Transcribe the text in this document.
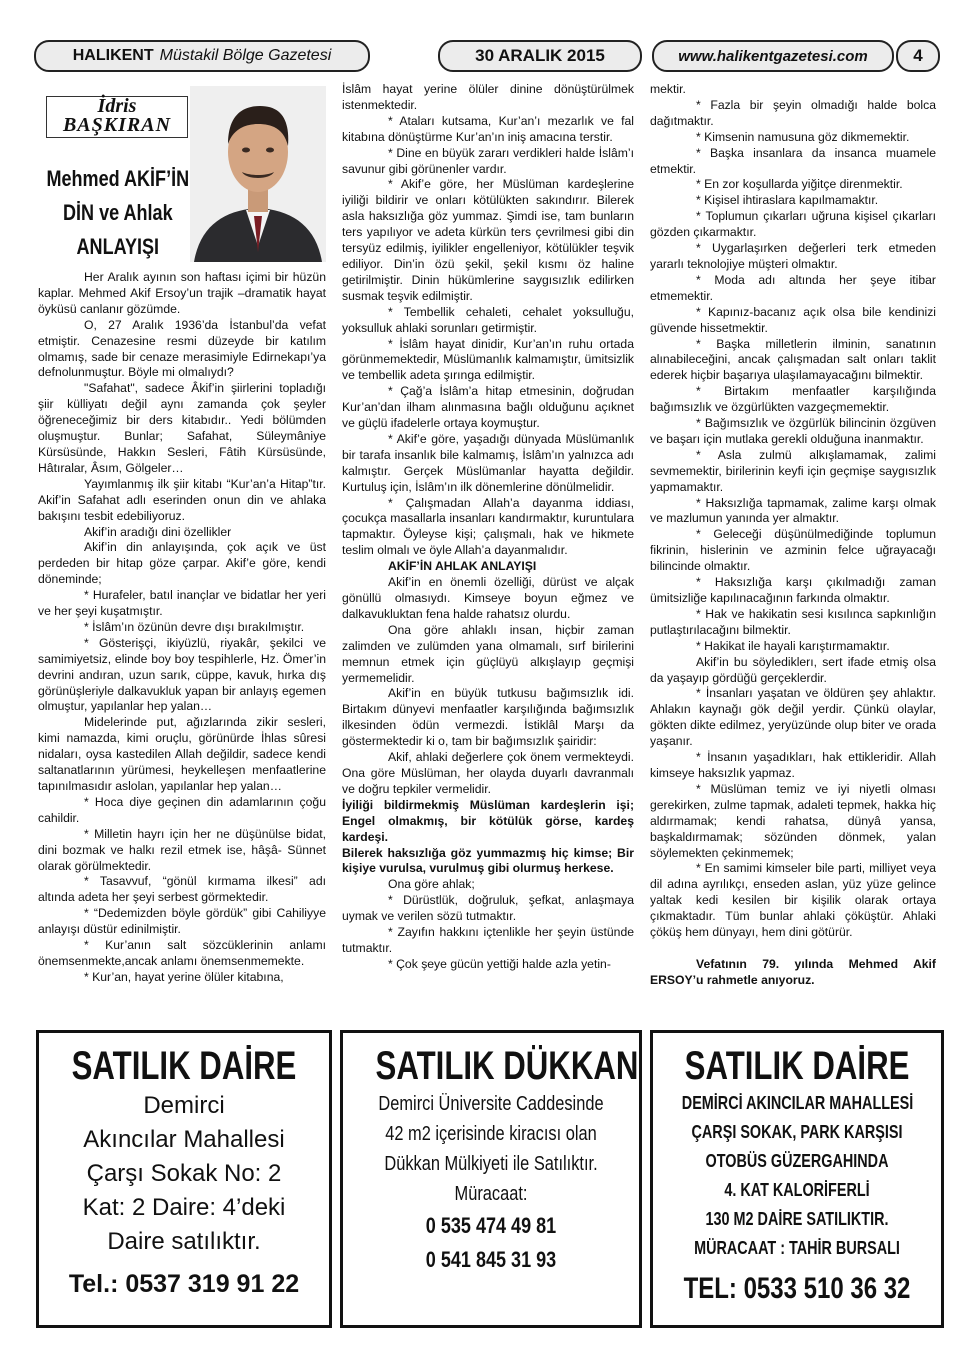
HALIKENT Müstakil Bölge Gazetesi	30 ARALIK 2015	www.halikentgazetesi.com	4
İdris
BAŞKIRAN
Mehmed AKİF’İN
DİN ve Ahlak
ANLAYIŞI

Her Aralık ayının son haftası içimi bir hüzün kaplar. Mehmed Akif Ersoy’un trajik –dramatik hayat öyküsü canlanır gözümde.

O, 27 Aralık 1936’da İstanbul’da vefat etmiştir. Cenazesine resmi düzeyde bir katılım olmamış, sade bir cenaze merasimiyle Edirnekapı’ya defnolunmuştur. Böyle mi olmalıydı?

"Safahat", sadece Âkif’in şiirlerini topladığı şiir külliyatı değil aynı zamanda çok şeyler öğreneceğimiz bir ders kitabıdır.. Yedi bölümden oluşmuştur. Bunlar; Safahat, Süleymâniye Kürsüsünde, Hakkın Sesleri, Fâtih Kürsüsünde, Hâtıralar, Âsım, Gölgeler…

Yayımlanmış ilk şiir kitabı “Kur’an’a Hitap”tır. Akif’in Safahat adlı eserinden onun din ve ahlaka bakışını tesbit edebiliyoruz.

Akif’in aradığı dini özellikler

Akif’in din anlayışında, çok açık ve üst perdeden bir hitap göze çarpar. Akif’e göre, kendi döneminde;

* Hurafeler, batıl inançlar ve bidatlar her yeri ve her şeyi kuşatmıştır.

* İslâm’ın özünün devre dışı bırakılmıştır.

* Gösterişçi, ikiyüzlü, riyakâr, şekilci ve samimiyetsiz, elinde boy boy tespihlerle, Hz. Ömer’in devrini andıran, uzun sarık, cüppe, kavuk, hırka dış görünüşleriyle dalkavukluk yapan bir anlayış egemen olmuştur, yapılanlar hep yalan…

Midelerinde put, ağızlarında zikir sesleri, kimi namazda, kimi oruçlu, görünürde İhlas sûresi nidaları, oysa kastedilen Allah değildir, sadece kendi saltanatlarının yürümesi, heykelleşen menfaatlerine tapınılmasıdır aslolan, yapılanlar hep yalan…

* Hoca diye geçinen din adamlarının çoğu cahildir.

* Milletin hayrı için her ne düşünülse bidat, dini bozmak ve halkı rezil etmek ise, hâşâ- Sünnet olarak görülmektedir.

* Tasavvuf, “gönül kırmama ilkesi” adı altında adeta her şeyi serbest görmektedir.

* “Dedemizden böyle gördük” gibi Cahiliyye anlayışı düstür edinilmiştir.

* Kur’anın salt sözcüklerinin anlamı önemsenmekte,ancak anlamı önemsenmemekte.

* Kur’an, hayat yerine ölüler kitabına,

İslâm hayat yerine ölüler dinine dönüştürülmek istenmektedir.

* Ataları kutsama, Kur’an’ı mezarlık ve fal kitabına dönüştürme Kur’an’ın iniş amacına terstir.

* Dine en büyük zararı verdikleri halde İslâm’ı savunur gibi görünenler vardır.

* Akif’e göre, her Müslüman kardeşlerine iyiliği bildirir ve onları kötülükten sakındırır. Bilerek asla haksızlığa göz yummaz. Şimdi ise, tam bunların ters yapılıyor ve adeta kürkün ters çevrilmesi gibi din tersyüz edilmiş, iyilikler engelleniyor, kötülükler teşvik ediliyor. Din’in özü şekil, şekil kısmı öz haline getirilmiştir. Dinin hükümlerine saygısızlık edilirken susmak teşvik edilmiştir.

* Tembellik cehaleti, cehalet yoksulluğu, yoksulluk ahlaki sorunları getirmiştir.

* İslâm hayat dinidir, Kur’an’ın ruhu ortada görünmemektedir, Müslümanlık kalmamıştır, ümitsizlik ve tembellik adeta şırınga edilmiştir.

* Çağ’a İslâm’a hitap etmesinin, doğrudan Kur’an’dan ilham alınmasına bağlı olduğunu açıknet ve güçlü ifadelerle ortaya koymuştur.

* Akif’e göre, yaşadığı dünyada Müslümanlık bir tarafa insanlık bile kalmamış, İslâm’ın yalnızca adı kalmıştır. Gerçek Müslümanlar hayatta değildir. Kurtuluş için, İslâm’ın ilk dönemlerine dönülmelidir.

* Çalışmadan Allah’a dayanma iddiası, çocukça masallarla insanları kandırmaktır, kuruntulara tapmaktır. Öyleyse kişi; çalışmalı, hak ve hikmete teslim olmalı ve öyle Allah’a dayanmalıdır.

AKİF’İN AHLAK ANLAYIŞI

Akif’in en önemli özelliği, dürüst ve alçak gönüllü olmasıydı. Kimseye boyun eğmez ve dalkavukluktan fena halde rahatsız olurdu.

Ona göre ahlaklı insan, hiçbir zaman zalimden ve zulümden yana olmamalı, sırf birilerini memnun etmek için güçlüyü alkışlayıp geçmişi yermemelidir.

Akif’in en büyük tutkusu bağımsızlık idi. Birtakım dünyevi menfaatler karşılığında bağımsızlık ilkesinden ödün vermezdi. İstiklâl Marşı da göstermektedir ki o, tam bir bağımsızlık şairidir:

Akif, ahlaki değerlere çok önem vermekteydi. Ona göre Müslüman, her olayda duyarlı davranmalı ve doğru tepkiler vermelidir.

İyiliği bildirmekmiş Müslüman kardeşlerin işi; Engel olmakmış, bir kötülük görse, kardeş kardeşi.

Bilerek haksızlığa göz yummazmış hiç kimse; Bir kişiye vurulsa, vurulmuş gibi olurmuş herkese.

Ona göre ahlak;

* Dürüstlük, doğruluk, şefkat, anlaşmaya uymak ve verilen sözü tutmaktır.

* Zayıfın hakkını içtenlikle her şeyin üstünde tutmaktır.

* Çok şeye gücün yettiği halde azla yetin-

mektir.

* Fazla bir şeyin olmadığı halde bolca dağıtmaktır.

* Kimsenin namusuna göz dikmemektir.

* Başka insanlara da insanca muamele etmektir.

* En zor koşullarda yiğitçe direnmektir.

* Kişisel ihtiraslara kapılmamaktır.

* Toplumun çıkarları uğruna kişisel çıkarları gözden çıkarmaktır.

* Uygarlaşırken değerleri terk etmeden yararlı teknolojiye müşteri olmaktır.

* Moda adı altında her şeye itibar etmemektir.

* Kapınız-bacanız açık olsa bile kendinizi güvende hissetmektir.

* Başka milletlerin ilminin, sanatının alınabileceğini, ancak çalışmadan salt onları taklit ederek hiçbir başarıya ulaşılamayacağını bilmektir.

* Birtakım menfaatler karşılığında bağımsızlık ve özgürlükten vazgeçmemektir.

* Bağımsızlık ve özgürlük bilincinin özgüven ve başarı için mutlaka gerekli olduğuna inanmaktır.

* Asla zulmü alkışlamamak, zalimi sevmemektir, birilerinin keyfi için geçmişe saygısızlık yapmamaktır.

* Haksızlığa tapmamak, zalime karşı olmak ve mazlumun yanında yer almaktır.

* Geleceği düşünülmediğinde toplumun fikrinin, hislerinin ve azminin felce uğrayacağı bilincinde olmaktır.

* Haksızlığa karşı çıkılmadığı zaman ümitsizliğe kapılınacağının farkında olmaktır.

* Hak ve hakikatin sesi kısılınca sapkınlığın putlaştırılacağını bilmektir.

* Hakikat ile hayali karıştırmamaktır.

Akif’in bu söylediklerı, sert ifade etmiş olsa da yaşayıp gördüğü gerçeklerdir.

* İnsanları yaşatan ve öldüren şey ahlaktır. Ahlakın kaynağı gök değil yerdir. Çünkü olaylar, gökten dikte edilmez, yeryüzünde olup biter ve orada yaşanır.

* İnsanın yaşadıkları, hak ettikleridir. Allah kimseye haksızlık yapmaz.

* Müslüman temiz ve iyi niyetli olması gerekirken, zulme tapmak, adaleti tepmek, hakka hiç aldırmamak; kendi rahatsa, dünyâ yansa, başkaldırmamak; sözünden dönmek, yalan söylemekten çekinmemek;

* En samimi kimseler bile parti, milliyet veya dil adına ayrılıkçı, enseden aslan, yüz yüze gelince yaltak kedi kesilen bir kişilik olarak ortaya çıkmaktadır. Tüm bunlar ahlaki çöküştür. Ahlaki çöküş hem dünyayı, hem dini götürür.

Vefatının 79. yılında Mehmed Akif ERSOY’u rahmetle anıyoruz.

SATILIK DAİRE
Demirci
Akıncılar Mahallesi
Çarşı Sokak No: 2
Kat: 2 Daire: 4’deki
Daire satılıktır.
Tel.: 0537 319 91 22
SATILIK DÜKKAN
Demirci Üniversite Caddesinde
42 m2 içerisinde kiracısı olan
Dükkan Mülkiyeti ile Satılıktır.
Müracaat:
0 535 474 49 81
0 541 845 31 93
SATILIK DAİRE
DEMİRCİ AKINCILAR MAHALLESİ
ÇARŞI SOKAK, PARK KARŞISI
OTOBÜS GÜZERGAHINDA
4. KAT KALORİFERLİ
130 M2 DAİRE SATILIKTIR.
MÜRACAAT : TAHİR BURSALI
TEL: 0533 510 36 32
